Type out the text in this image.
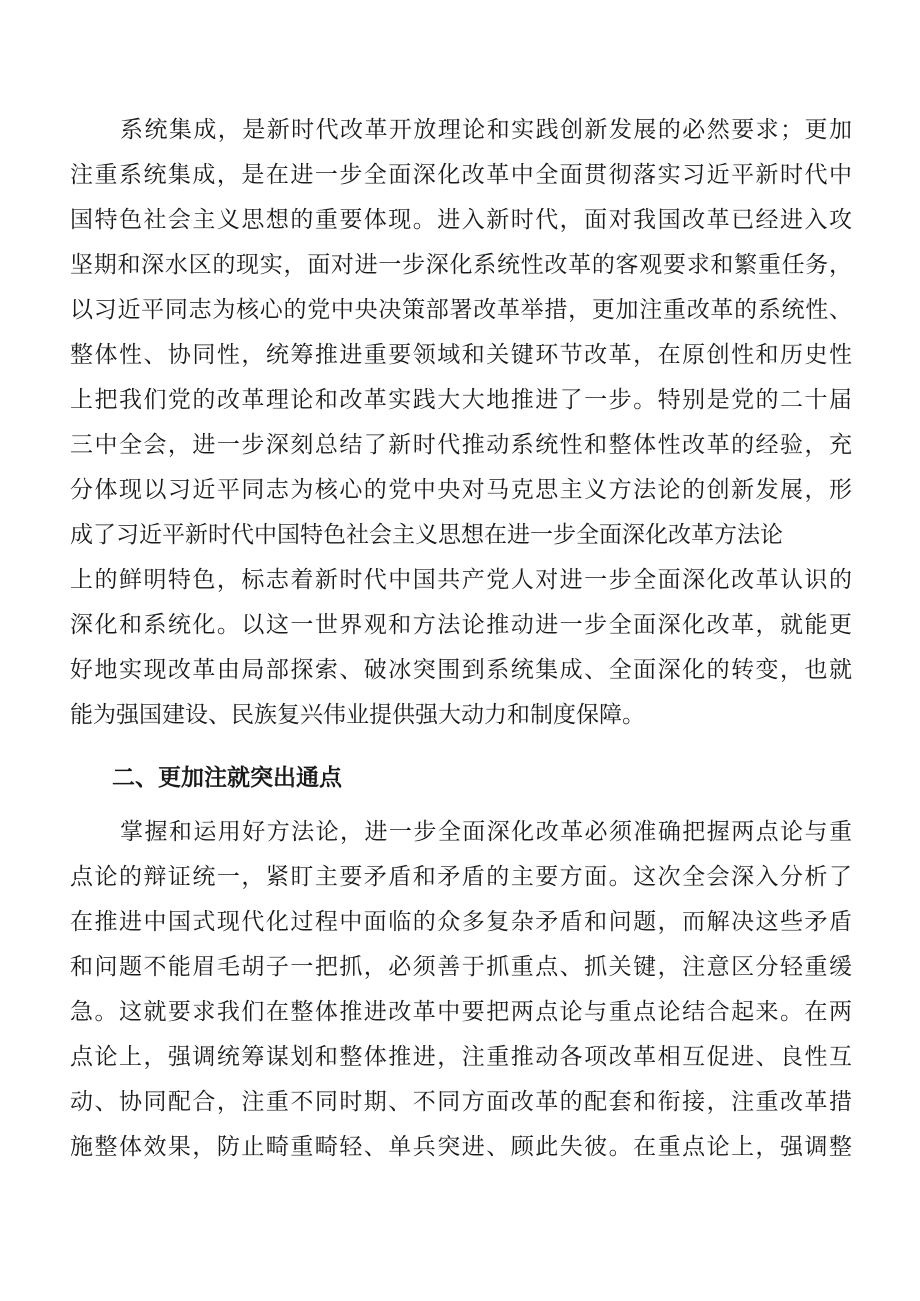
系统集成，是新时代改革开放理论和实践创新发展的必然要求；更加
注重系统集成，是在进一步全面深化改革中全面贯彻落实习近平新时代中
国特色社会主义思想的重要体现。进入新时代，面对我国改革已经进入攻
坚期和深水区的现实，面对进一步深化系统性改革的客观要求和繁重任务，
以习近平同志为核心的党中央决策部署改革举措，更加注重改革的系统性、
整体性、协同性，统筹推进重要领域和关键环节改革，在原创性和历史性
上把我们党的改革理论和改革实践大大地推进了一步。特别是党的二十届
三中全会，进一步深刻总结了新时代推动系统性和整体性改革的经验，充
分体现以习近平同志为核心的党中央对马克思主义方法论的创新发展，形
成了习近平新时代中国特色社会主义思想在进一步全面深化改革方法论
上的鲜明特色，标志着新时代中国共产党人对进一步全面深化改革认识的
深化和系统化。以这一世界观和方法论推动进一步全面深化改革，就能更
好地实现改革由局部探索、破冰突围到系统集成、全面深化的转变，也就
能为强国建设、民族复兴伟业提供强大动力和制度保障。
二、更加注就突出通点
掌握和运用好方法论，进一步全面深化改革必须准确把握两点论与重
点论的辩证统一，紧盯主要矛盾和矛盾的主要方面。这次全会深入分析了
在推进中国式现代化过程中面临的众多复杂矛盾和问题，而解决这些矛盾
和问题不能眉毛胡子一把抓，必须善于抓重点、抓关键，注意区分轻重缓
急。这就要求我们在整体推进改革中要把两点论与重点论结合起来。在两
点论上，强调统筹谋划和整体推进，注重推动各项改革相互促进、良性互
动、协同配合，注重不同时期、不同方面改革的配套和衔接，注重改革措
施整体效果，防止畸重畸轻、单兵突进、顾此失彼。在重点论上，强调整
